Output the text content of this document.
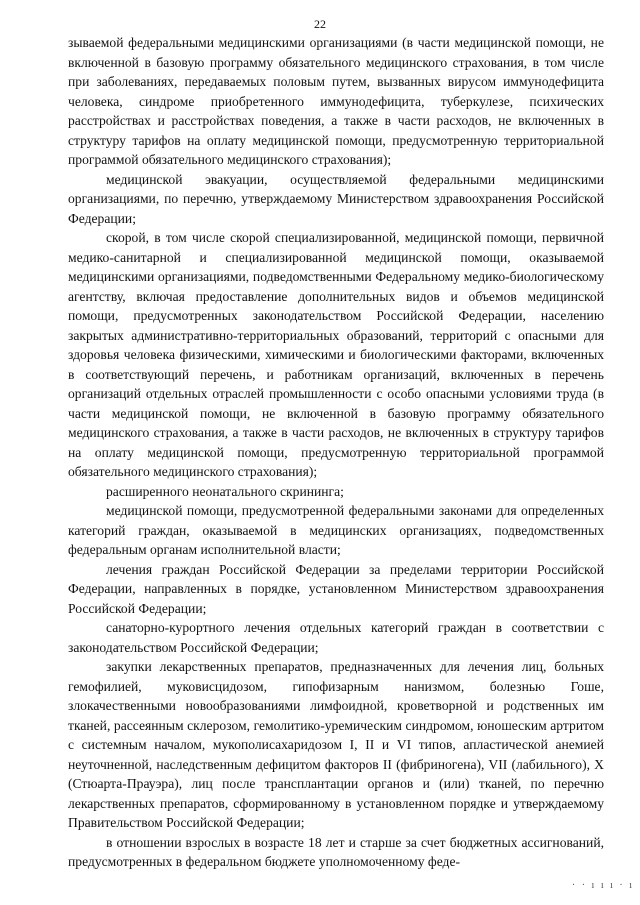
22

зываемой федеральными медицинскими организациями (в части медицинской помощи, не включенной в базовую программу обязательного медицинского страхования, в том числе при заболеваниях, передаваемых половым путем, вызванных вирусом иммунодефицита человека, синдроме приобретенного иммунодефицита, туберкулезе, психических расстройствах и расстройствах поведения, а также в части расходов, не включенных в структуру тарифов на оплату медицинской помощи, предусмотренную территориальной программой обязательного медицинского страхования);

медицинской эвакуации, осуществляемой федеральными медицинскими организациями, по перечню, утверждаемому Министерством здравоохранения Российской Федерации;

скорой, в том числе скорой специализированной, медицинской помощи, первичной медико-санитарной и специализированной медицинской помощи, оказываемой медицинскими организациями, подведомственными Федеральному медико-биологическому агентству, включая предоставление дополнительных видов и объемов медицинской помощи, предусмотренных законодательством Российской Федерации, населению закрытых административно-территориальных образований, территорий с опасными для здоровья человека физическими, химическими и биологическими факторами, включенных в соответствующий перечень, и работникам организаций, включенных в перечень организаций отдельных отраслей промышленности с особо опасными условиями труда (в части медицинской помощи, не включенной в базовую программу обязательного медицинского страхования, а также в части расходов, не включенных в структуру тарифов на оплату медицинской помощи, предусмотренную территориальной программой обязательного медицинского страхования);

расширенного неонатального скрининга;

медицинской помощи, предусмотренной федеральными законами для определенных категорий граждан, оказываемой в медицинских организациях, подведомственных федеральным органам исполнительной власти;

лечения граждан Российской Федерации за пределами территории Российской Федерации, направленных в порядке, установленном Министерством здравоохранения Российской Федерации;

санаторно-курортного лечения отдельных категорий граждан в соответствии с законодательством Российской Федерации;

закупки лекарственных препаратов, предназначенных для лечения лиц, больных гемофилией, муковисцидозом, гипофизарным нанизмом, болезнью Гоше, злокачественными новообразованиями лимфоидной, кроветворной и родственных им тканей, рассеянным склерозом, гемолитико-уремическим синдромом, юношеским артритом с системным началом, мукополисахаридозом I, II и VI типов, апластической анемией неуточненной, наследственным дефицитом факторов II (фибриногена), VII (лабильного), X (Стюарта-Прауэра), лиц после трансплантации органов и (или) тканей, по перечню лекарственных препаратов, сформированному в установленном порядке и утверждаемому Правительством Российской Федерации;

в отношении взрослых в возрасте 18 лет и старше за счет бюджетных ассигнований, предусмотренных в федеральном бюджете уполномоченному феде-

· · ı ı ı · ı
